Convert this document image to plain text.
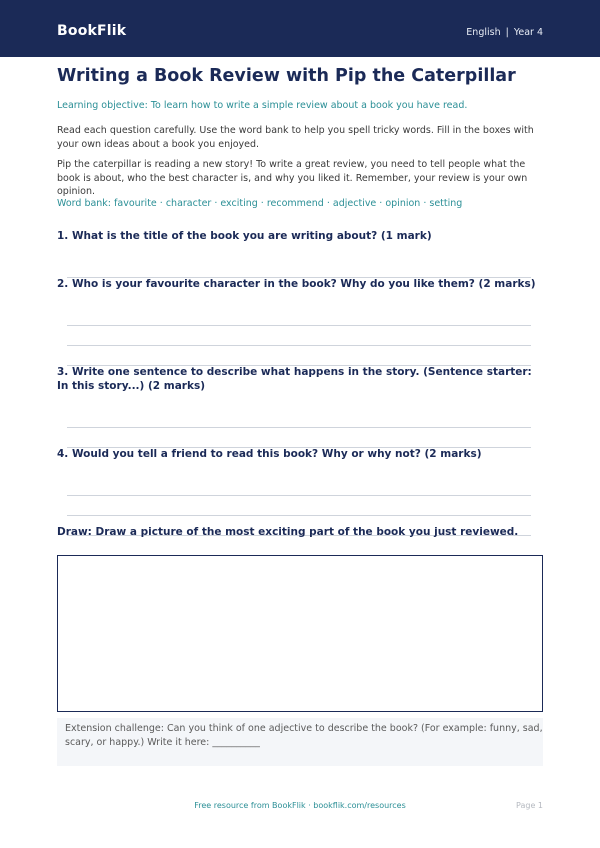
BookFlik	English | Year 4
Writing a Book Review with Pip the Caterpillar
Learning objective: To learn how to write a simple review about a book you have read.

Read each question carefully. Use the word bank to help you spell tricky words. Fill in the boxes with your own ideas about a book you enjoyed.

Pip the caterpillar is reading a new story! To write a great review, you need to tell people what the book is about, who the best character is, and why you liked it. Remember, your review is your own opinion.

Word bank: favourite · character · exciting · recommend · adjective · opinion · setting
1. What is the title of the book you are writing about? (1 mark)
2. Who is your favourite character in the book? Why do you like them? (2 marks)
3. Write one sentence to describe what happens in the story. (Sentence starter: In this story...) (2 marks)
4. Would you tell a friend to read this book? Why or why not? (2 marks)
Draw: Draw a picture of the most exciting part of the book you just reviewed.
Extension challenge: Can you think of one adjective to describe the book? (For example: funny, sad, scary, or happy.) Write it here: __________
Free resource from BookFlik · bookflik.com/resources	Page 1
